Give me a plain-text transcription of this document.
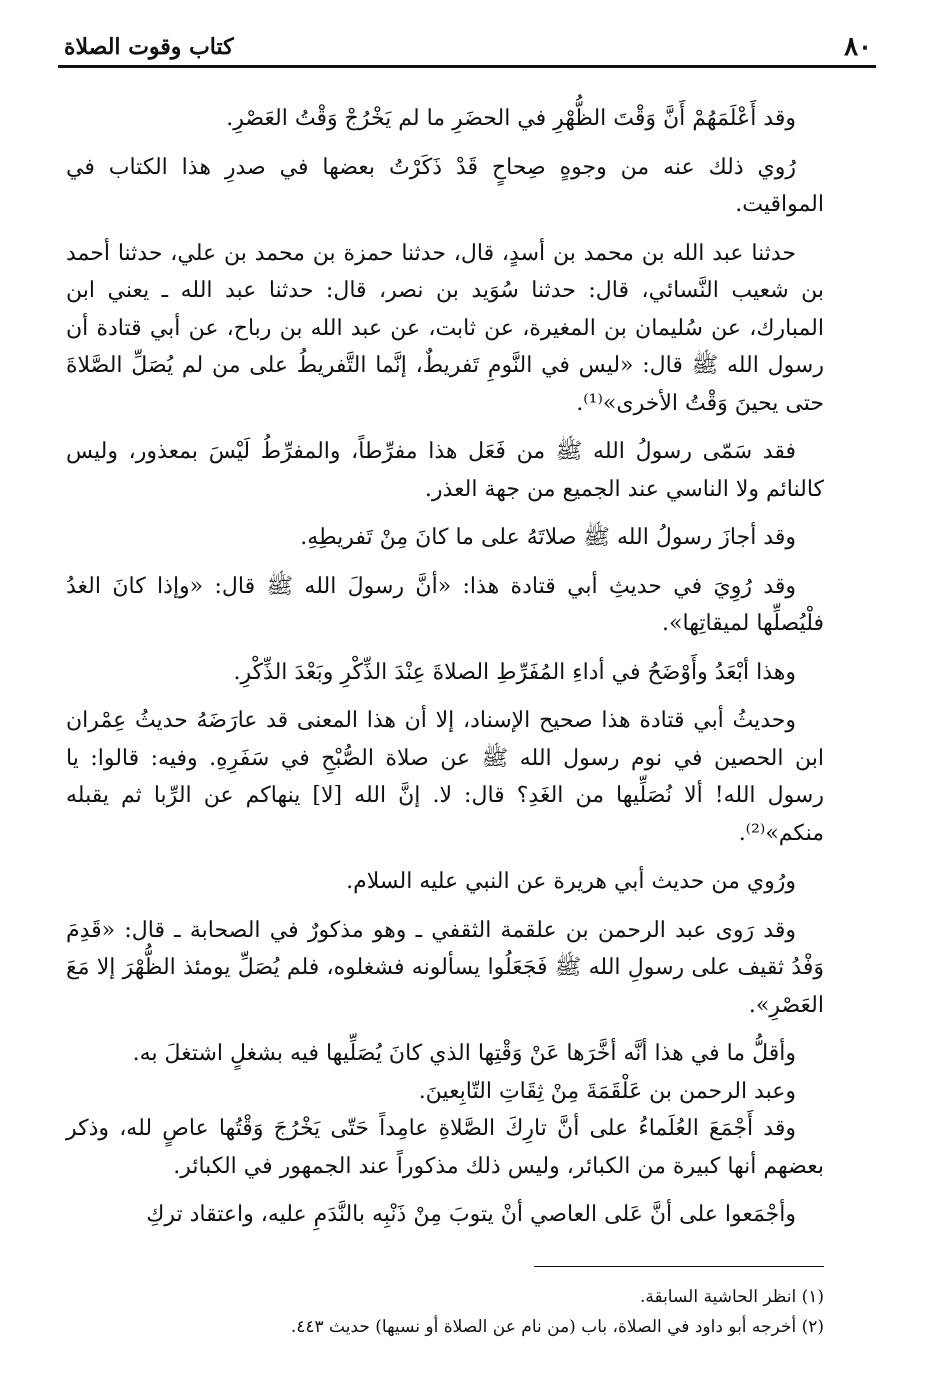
٨٠
كتاب وقوت الصلاة

وقد أَعْلَمَهُمْ أَنَّ وَقْتَ الظُّهْرِ في الحضَرِ ما لم يَخْرُجْ وَقْتُ العَصْرِ.

رُوي ذلك عنه من وجوهٍ صِحاحٍ قَدْ ذَكَرْتُ بعضها في صدرِ هذا الكتاب في المواقيت.

حدثنا عبد الله بن محمد بن أسدٍ، قال، حدثنا حمزة بن محمد بن علي، حدثنا أحمد بن شعيب النَّسائي، قال: حدثنا سُوَيد بن نصر، قال: حدثنا عبد الله ـ يعني ابن المبارك، عن سُليمان بن المغيرة، عن ثابت، عن عبد الله بن رباح، عن أبي قتادة أن رسول الله ﷺ قال: «ليس في النَّومِ تَفريطٌ، إنَّما التَّفريطُ على من لم يُصَلِّ الصَّلاةَ حتى يحينَ وَقْتُ الأخرى»⁽¹⁾.

فقد سَمّى رسولُ الله ﷺ من فَعَل هذا مفرِّطاً، والمفرِّطُ لَيْسَ بمعذور، وليس كالنائم ولا الناسي عند الجميع من جهة العذر.

وقد أجازَ رسولُ الله ﷺ صلاتَهُ على ما كانَ مِنْ تَفريطِهِ.

وقد رُوِيَ في حديثِ أبي قتادة هذا: «أنَّ رسولَ الله ﷺ قال: «وإذا كانَ الغدُ فلْيُصلِّها لميقاتِها».

وهذا أبْعَدُ وأَوْضَحُ في أداءِ المُفَرِّطِ الصلاةَ عِنْدَ الذِّكْرِ وبَعْدَ الذِّكْرِ.

وحديثُ أبي قتادة هذا صحيح الإسناد، إلا أن هذا المعنى قد عارَضَهُ حديثُ عِمْران ابن الحصين في نوم رسول الله ﷺ عن صلاة الصُّبْحِ في سَفَرِهِ. وفيه: قالوا: يا رسول الله! ألا نُصَلِّيها من الغَدِ؟ قال: لا. إنَّ الله [لا] ينهاكم عن الرِّبا ثم يقبله منكم»⁽²⁾.

ورُوي من حديث أبي هريرة عن النبي عليه السلام.

وقد رَوى عبد الرحمن بن علقمة الثقفي ـ وهو مذكورٌ في الصحابة ـ قال: «قَدِمَ وَفْدُ ثقيف على رسولِ الله ﷺ فَجَعَلُوا يسألونه فشغلوه، فلم يُصَلِّ يومئذ الظُّهْرَ إلا مَعَ العَصْرِ».

وأقلُّ ما في هذا أنَّه أخَّرَها عَنْ وَقْتِها الذي كانَ يُصَلِّيها فيه بشغلٍ اشتغلَ به.

وعبد الرحمن بن عَلْقَمَةَ مِنْ ثِقَاتِ التّابِعينَ.

وقد أَجْمَعَ العُلَماءُ على أنَّ تارِكَ الصَّلاةِ عامِداً حَتّى يَخْرُجَ وَقْتُها عاصٍ لله، وذكر بعضهم أنها كبيرة من الكبائر، وليس ذلك مذكوراً عند الجمهور في الكبائر.

وأجْمَعوا على أنَّ عَلى العاصي أنْ يتوبَ مِنْ ذَنْبِه بالنَّدَمِ عليه، واعتقاد تركِ

(١) انظر الحاشية السابقة.

(٢) أخرجه أبو داود في الصلاة، باب (من نام عن الصلاة أو نسيها) حديث ٤٤٣.
